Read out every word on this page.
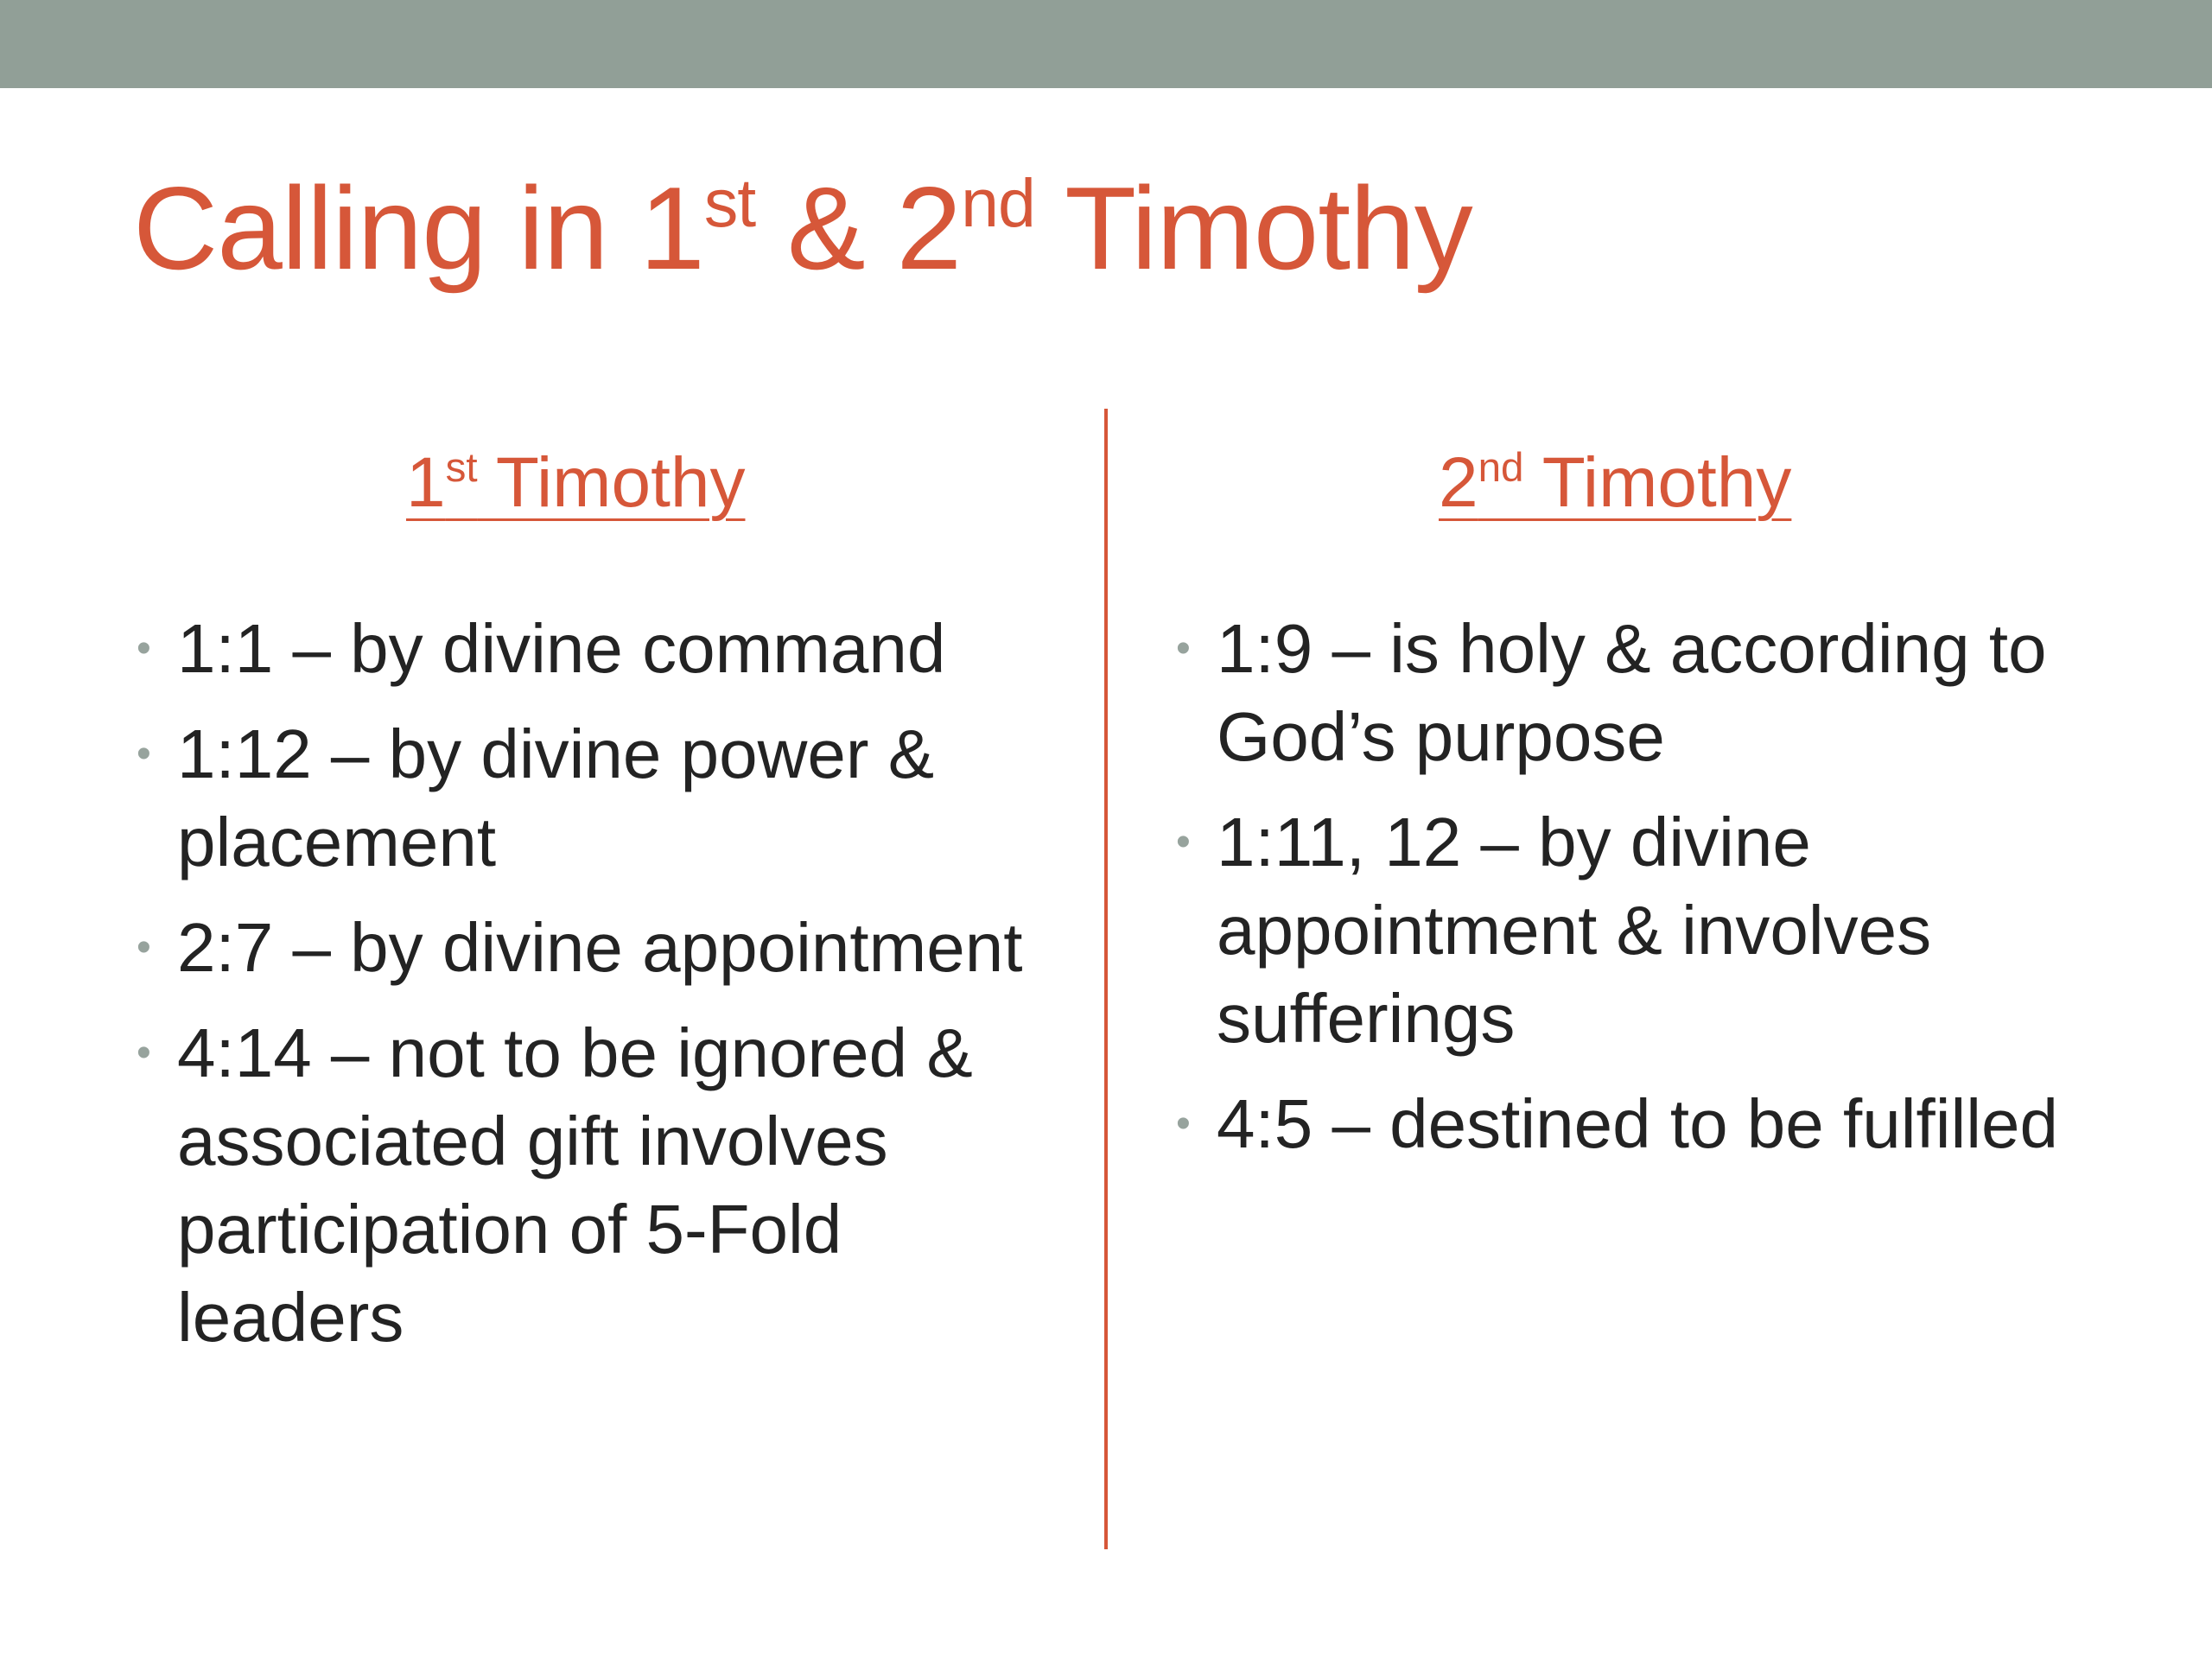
Calling in 1st & 2nd Timothy
1st Timothy	2nd Timothy
• 1:1 – by divine command
• 1:12 – by divine power & placement
• 2:7 – by divine appointment
• 4:14 – not to be ignored & associated gift involves participation of 5-Fold leaders
• 1:9 – is holy & according to God’s purpose
• 1:11, 12 – by divine appointment & involves sufferings
• 4:5 – destined to be fulfilled
